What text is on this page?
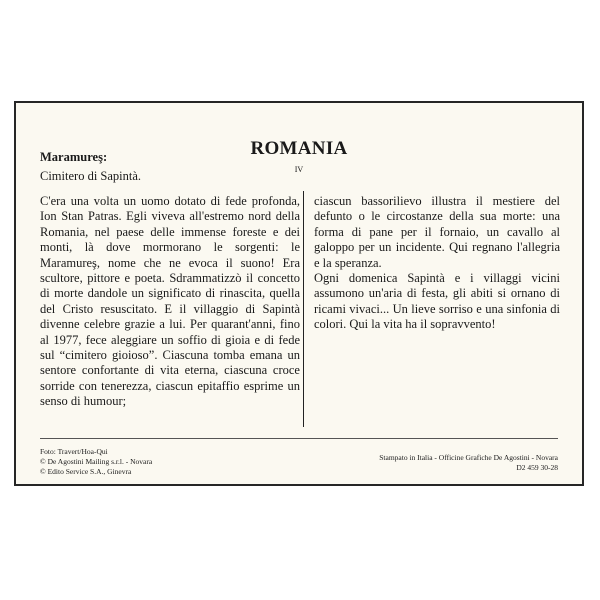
ROMANIA
IV
Maramureş:
Cimitero di Sapintà.

C'era una volta un uomo dotato di fede profonda, Ion Stan Patras. Egli viveva all'estremo nord della Romania, nel paese delle immense foreste e dei monti, là dove mormorano le sorgenti: le Maramureş, nome che ne evoca il suono! Era scultore, pittore e poeta. Sdrammatizzò il concetto di morte dandole un significato di rinascita, quella del Cristo resuscitato. E il villaggio di Sapintà divenne celebre grazie a lui. Per quarant'anni, fino al 1977, fece aleggiare un soffio di gioia e di fede sul “cimitero gioioso”. Ciascuna tomba emana un sentore confortante di vita eterna, ciascuna croce sorride con tenerezza, ciascun epitaffio esprime un senso di humour;

ciascun bassorilievo illustra il mestiere del defunto o le circostanze della sua morte: una forma di pane per il fornaio, un cavallo al galoppo per un incidente. Qui regnano l'allegria e la speranza.

Ogni domenica Sapintà e i villaggi vicini assumono un'aria di festa, gli abiti si ornano di ricami vivaci... Un lieve sorriso e una sinfonia di colori. Qui la vita ha il sopravvento!

Foto: Travert/Hoa-Qui
© De Agostini Mailing s.r.l. - Novara
© Edito Service S.A., Ginevra
Stampato in Italia - Officine Grafiche De Agostini - Novara
D2 459 30-28
